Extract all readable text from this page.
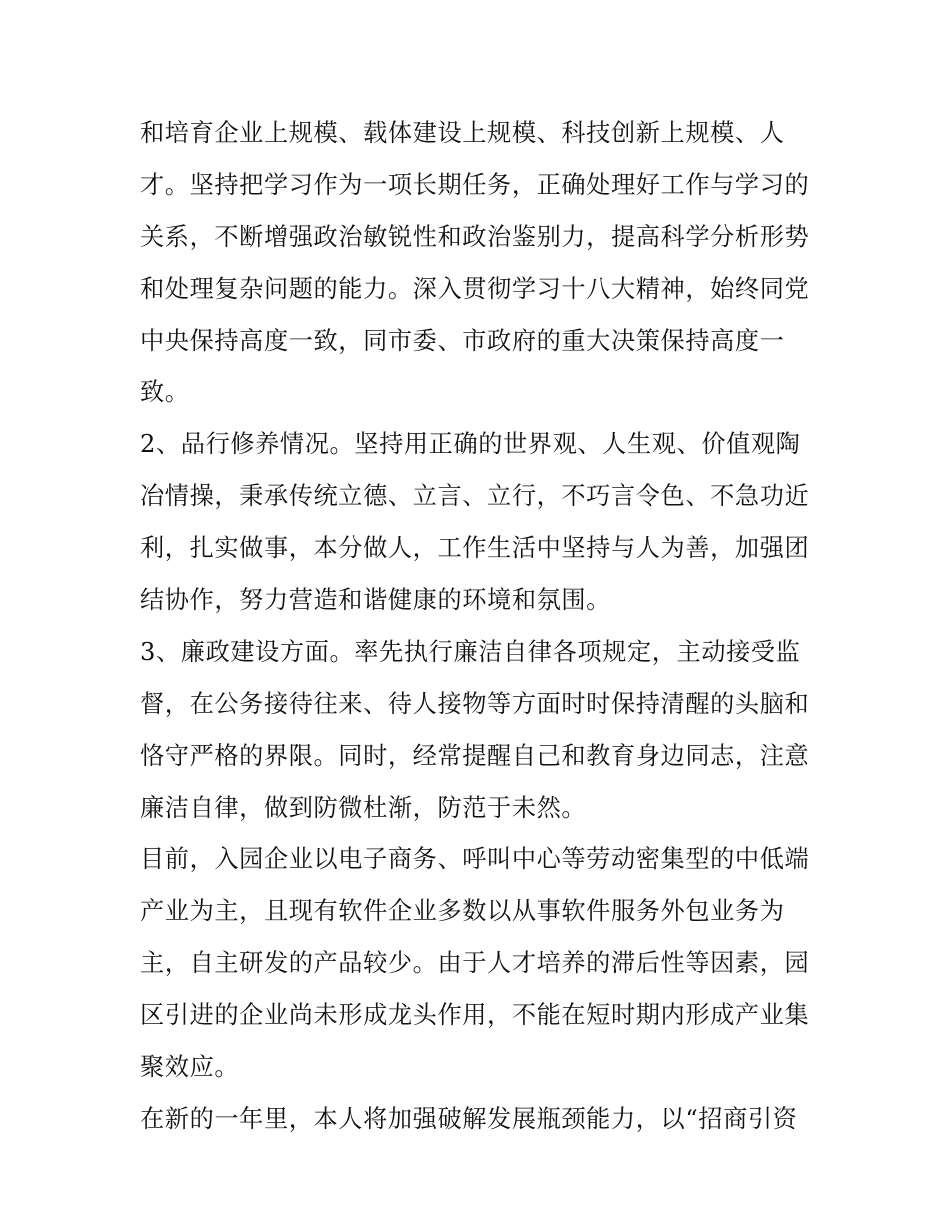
和培育企业上规模、载体建设上规模、科技创新上规模、人
才。坚持把学习作为一项长期任务，正确处理好工作与学习的
关系，不断增强政治敏锐性和政治鉴别力，提高科学分析形势
和处理复杂问题的能力。深入贯彻学习十八大精神，始终同党
中央保持高度一致，同市委、市政府的重大决策保持高度一
致。
2、品行修养情况。坚持用正确的世界观、人生观、价值观陶
冶情操，秉承传统立德、立言、立行，不巧言令色、不急功近
利，扎实做事，本分做人，工作生活中坚持与人为善，加强团
结协作，努力营造和谐健康的环境和氛围。
3、廉政建设方面。率先执行廉洁自律各项规定，主动接受监
督，在公务接待往来、待人接物等方面时时保持清醒的头脑和
恪守严格的界限。同时，经常提醒自己和教育身边同志，注意
廉洁自律，做到防微杜渐，防范于未然。
目前，入园企业以电子商务、呼叫中心等劳动密集型的中低端
产业为主，且现有软件企业多数以从事软件服务外包业务为
主，自主研发的产品较少。由于人才培养的滞后性等因素，园
区引进的企业尚未形成龙头作用，不能在短时期内形成产业集
聚效应。
在新的一年里，本人将加强破解发展瓶颈能力，以“招商引资
